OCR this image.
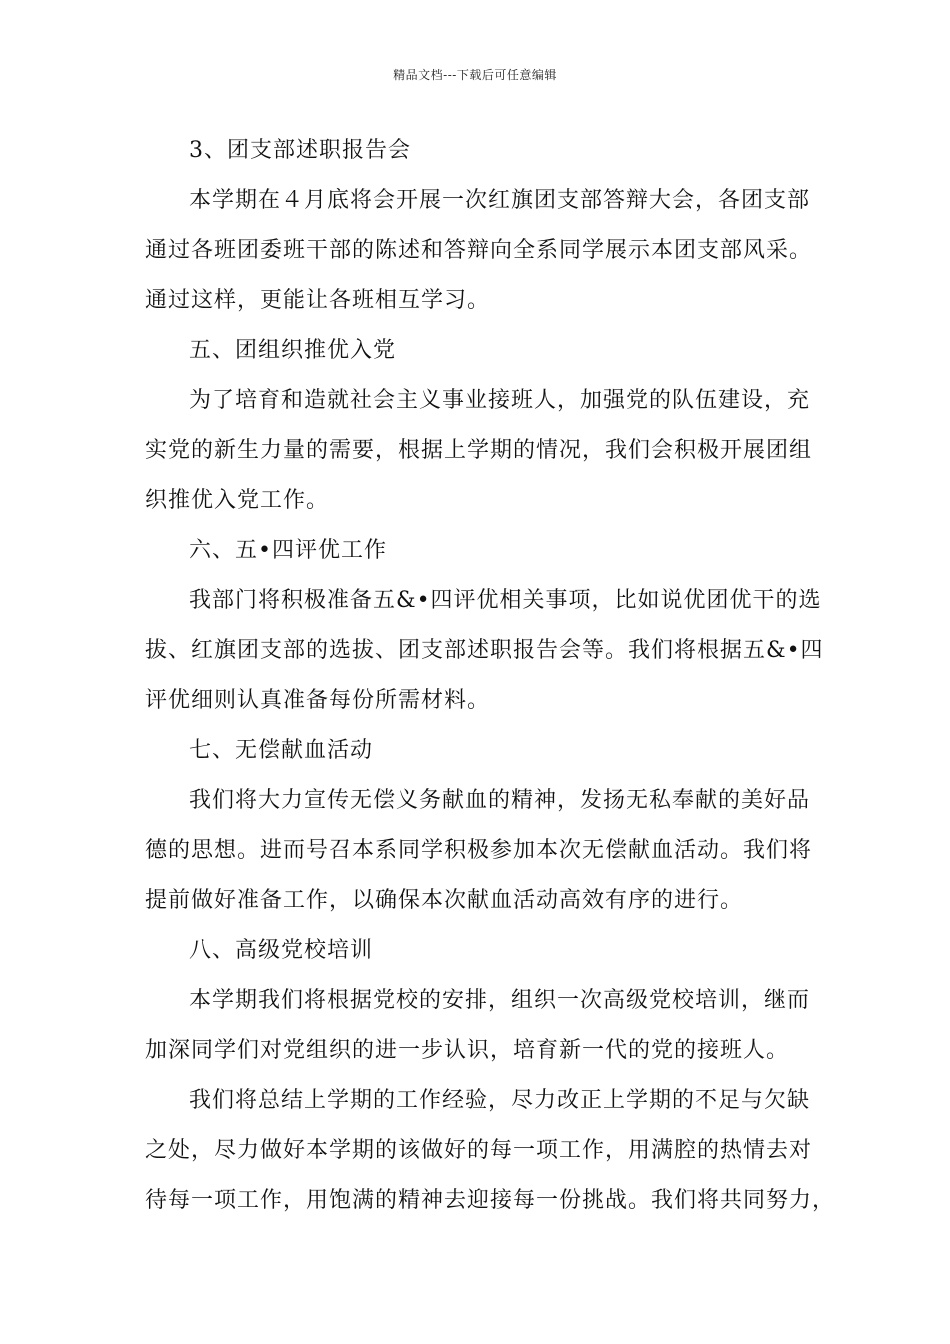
精品文档---下载后可任意编辑
3、团支部述职报告会
本学期在４月底将会开展一次红旗团支部答辩大会，各团支部
通过各班团委班干部的陈述和答辩向全系同学展示本团支部风采。
通过这样，更能让各班相互学习。
五、团组织推优入党
为了培育和造就社会主义事业接班人，加强党的队伍建设，充
实党的新生力量的需要，根据上学期的情况，我们会积极开展团组
织推优入党工作。
六、五•四评优工作
我部门将积极准备五&•四评优相关事项，比如说优团优干的选
拔、红旗团支部的选拔、团支部述职报告会等。我们将根据五&•四
评优细则认真准备每份所需材料。
七、无偿献血活动
我们将大力宣传无偿义务献血的精神，发扬无私奉献的美好品
德的思想。进而号召本系同学积极参加本次无偿献血活动。我们将
提前做好准备工作，以确保本次献血活动高效有序的进行。
八、高级党校培训
本学期我们将根据党校的安排，组织一次高级党校培训，继而
加深同学们对党组织的进一步认识，培育新一代的党的接班人。
我们将总结上学期的工作经验，尽力改正上学期的不足与欠缺
之处，尽力做好本学期的该做好的每一项工作，用满腔的热情去对
待每一项工作，用饱满的精神去迎接每一份挑战。我们将共同努力，
